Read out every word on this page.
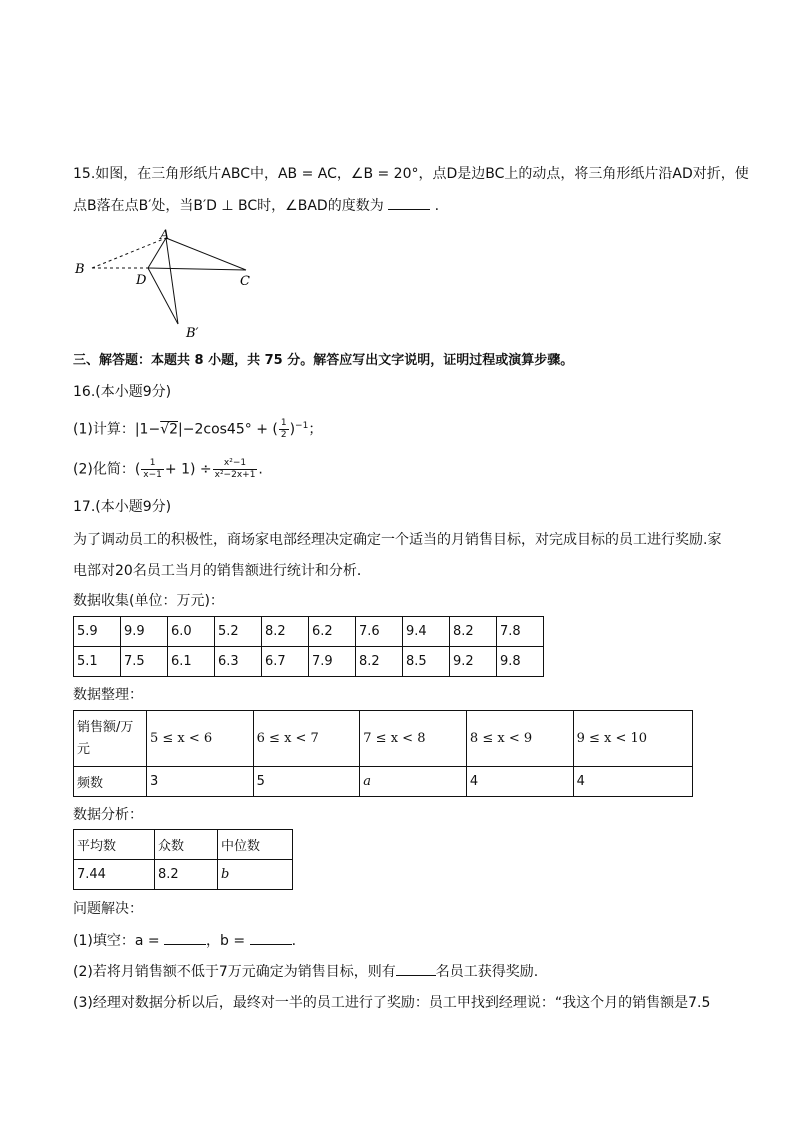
15.如图，在三角形纸片ABC中，AB = AC，∠B = 20°，点D是边BC上的动点，将三角形纸片沿AD对折，使
点B落在点B′处，当B′D ⊥ BC时，∠BAD的度数为	.
A
B
D	C
B′
三、解答题：本题共 8 小题，共 75 分。解答应写出文字说明，证明过程或演算步骤。
16.(本小题9分)
(1)计算：|1−√2|−2cos45° + ( $\frac{1}{2} )^{-1}$；
(2)化简：( $\frac{1}{x-1} + 1) \div \frac{\text{x²−1}}{\text{x²−2x+1}}$ .
17.(本小题9分)
为了调动员工的积极性，商场家电部经理决定确定一个适当的月销售目标，对完成目标的员工进行奖励.家
电部对20名员工当月的销售额进行统计和分析．
数据收集(单位：万元)：
5.9	9.9	6.0	5.2	8.2	6.2	7.6	9.4	8.2	7.8
5.1	7.5	6.1	6.3	6.7	7.9	8.2	8.5	9.2	9.8
数据整理：
销售额/万元	5 ≤ x < 6	6 ≤ x < 7	7 ≤ x < 8	8 ≤ x < 9	9 ≤ x < 10
频数	3	5	a	4	4
数据分析：
平均数	众数	中位数
7.44	8.2	b
问题解决：
(1)填空：a =	，b =	.
(2)若将月销售额不低于7万元确定为销售目标，则有	名员工获得奖励.
(3)经理对数据分析以后，最终对一半的员工进行了奖励：员工甲找到经理说：“我这个月的销售额是7.5
